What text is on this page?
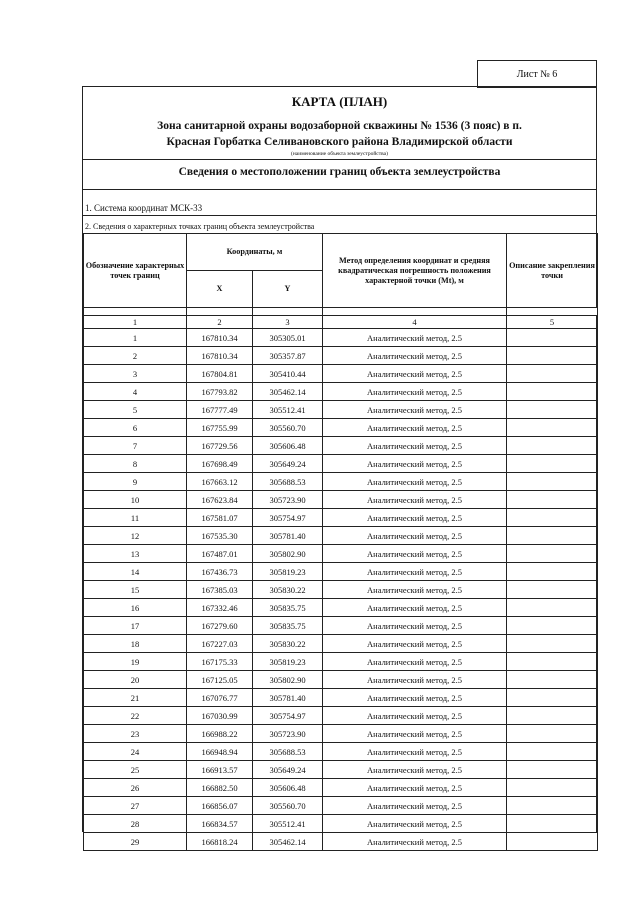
Лист № 6
КАРТА (ПЛАН)
Зона санитарной охраны водозаборной скважины № 1536 (3 пояс) в п.
Красная Горбатка Селивановского района Владимирской области
(наименование объекта землеустройства)
Сведения о местоположении границ объекта землеустройства
1. Система координат МСК-33
2. Сведения о характерных точках границ объекта землеустройства
Обозначение характерных точек границ	Координаты, м		Метод определения координат и средняя квадратическая погрешность положения характерной точки (Mt), м	Описание закрепления точки
	X	Y		

1	2	3	4	5
1	167810.34	305305.01	Аналитический метод, 2.5	
2	167810.34	305357.87	Аналитический метод, 2.5	
3	167804.81	305410.44	Аналитический метод, 2.5	
4	167793.82	305462.14	Аналитический метод, 2.5	
5	167777.49	305512.41	Аналитический метод, 2.5	
6	167755.99	305560.70	Аналитический метод, 2.5	
7	167729.56	305606.48	Аналитический метод, 2.5	
8	167698.49	305649.24	Аналитический метод, 2.5	
9	167663.12	305688.53	Аналитический метод, 2.5	
10	167623.84	305723.90	Аналитический метод, 2.5	
11	167581.07	305754.97	Аналитический метод, 2.5	
12	167535.30	305781.40	Аналитический метод, 2.5	
13	167487.01	305802.90	Аналитический метод, 2.5	
14	167436.73	305819.23	Аналитический метод, 2.5	
15	167385.03	305830.22	Аналитический метод, 2.5	
16	167332.46	305835.75	Аналитический метод, 2.5	
17	167279.60	305835.75	Аналитический метод, 2.5	
18	167227.03	305830.22	Аналитический метод, 2.5	
19	167175.33	305819.23	Аналитический метод, 2.5	
20	167125.05	305802.90	Аналитический метод, 2.5	
21	167076.77	305781.40	Аналитический метод, 2.5	
22	167030.99	305754.97	Аналитический метод, 2.5	
23	166988.22	305723.90	Аналитический метод, 2.5	
24	166948.94	305688.53	Аналитический метод, 2.5	
25	166913.57	305649.24	Аналитический метод, 2.5	
26	166882.50	305606.48	Аналитический метод, 2.5	
27	166856.07	305560.70	Аналитический метод, 2.5	
28	166834.57	305512.41	Аналитический метод, 2.5	
29	166818.24	305462.14	Аналитический метод, 2.5	
